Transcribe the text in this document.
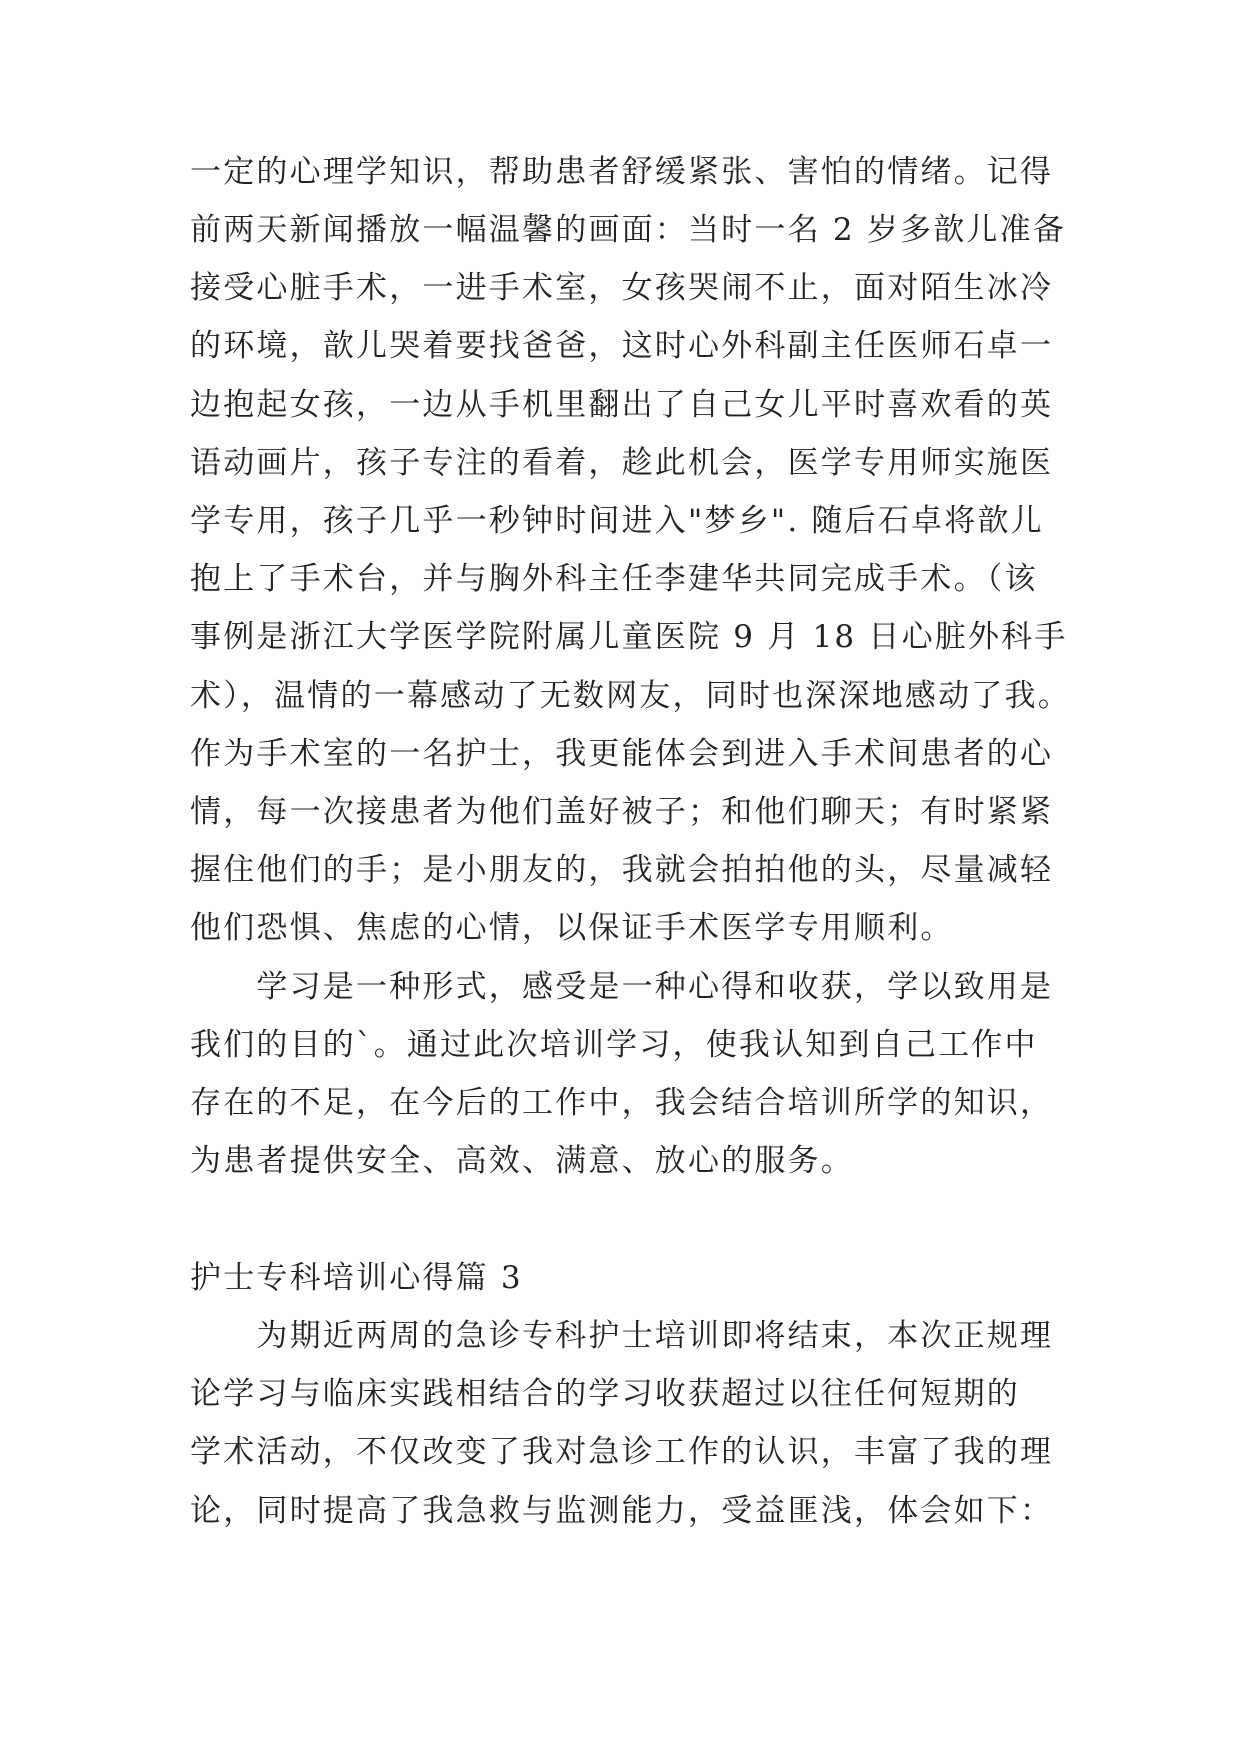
一定的心理学知识，帮助患者舒缓紧张、害怕的情绪。记得
前两天新闻播放一幅温馨的画面：当时一名 2 岁多歆儿准备
接受心脏手术，一进手术室，女孩哭闹不止，面对陌生冰冷
的环境，歆儿哭着要找爸爸，这时心外科副主任医师石卓一
边抱起女孩，一边从手机里翻出了自己女儿平时喜欢看的英
语动画片，孩子专注的看着，趁此机会，医学专用师实施医
学专用，孩子几乎一秒钟时间进入"梦乡". 随后石卓将歆儿
抱上了手术台，并与胸外科主任李建华共同完成手术。（该
事例是浙江大学医学院附属儿童医院 9 月 18 日心脏外科手
术），温情的一幕感动了无数网友，同时也深深地感动了我。
作为手术室的一名护士，我更能体会到进入手术间患者的心
情，每一次接患者为他们盖好被子；和他们聊天；有时紧紧
握住他们的手；是小朋友的，我就会拍拍他的头，尽量减轻
他们恐惧、焦虑的心情，以保证手术医学专用顺利。
　　学习是一种形式，感受是一种心得和收获，学以致用是
我们的目的`。通过此次培训学习，使我认知到自己工作中
存在的不足，在今后的工作中，我会结合培训所学的知识，
为患者提供安全、高效、满意、放心的服务。
护士专科培训心得篇 3
　　为期近两周的急诊专科护士培训即将结束，本次正规理
论学习与临床实践相结合的学习收获超过以往任何短期的
学术活动，不仅改变了我对急诊工作的认识，丰富了我的理
论，同时提高了我急救与监测能力，受益匪浅，体会如下：
